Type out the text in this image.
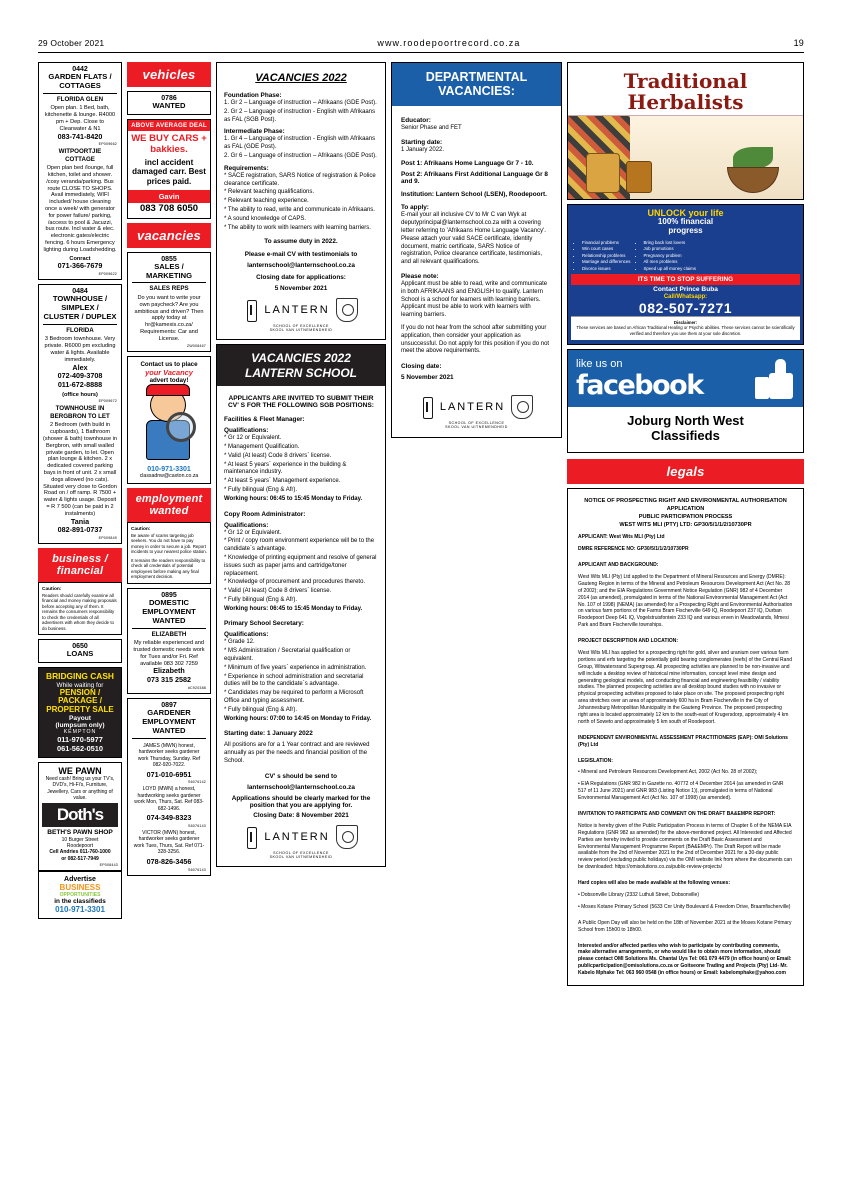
29 October 2021	www.roodepoortrecord.co.za	19
0442
GARDEN FLATS / COTTAGES
FLORIDA GLEN
Open plan. 1 Bed, bath, kitchenette & lounge. R4000 pm + Dep. Close to Clearwater & N1
083-741-8420
EP009662
WITPOORTJIE COTTAGE
Open plan bed /lounge, full kitchen, toilet and shower. /cosy veranda/parking. Bus route CLOSE TO SHOPS. Avail immediately, WIFI included/ house cleaning once a week/ with generator for power failure/ parking, /access to pool & Jacuzzi, bus route. Incl water & elec. electronic gates/electric fencing. 6 hours Emergency lighting during Loadshedding.
Conract
071-366-7679
EP009622
0484
TOWNHOUSE / SIMPLEX / CLUSTER / DUPLEX
FLORIDA
3 Bedroom townhouse. Very private. R6000 pm excluding water & lights. Available immediately.
Alex
072-409-3708
011-672-8888
(office hours)
EP009672
TOWNHOUSE IN BERGBRON TO LET
2 Bedroom (with build in cupboards), 1 Bathroom (shower & bath) townhouse in Bergbron, with small walled private garden, to let. Open plan lounge & kitchen. 2 x dedicated covered parking bays in front of unit. 2 x small dogs allowed (no cats). Situated very close to Gordon Road on / off ramp. R 7500 + water & lights usage. Deposit = R 7 500 (can be paid in 2 instalments)
Tania
082-891-0737
EP009849
business / financial
Caution:
Readers should carefully examine all financial and money making proposals before accepting any of them. It remains the consumers responsibility to check the credentials of all advertisers with whom they decide to do business.
0650
LOANS
BRIDGING CASH
While waiting for
PENSION / PACKAGE / PROPERTY SALE
Payout
(lumpsum only)
KEMPTON
011-970-5977
061-562-0510
WE PAWN
Need cash! Bring us your TV's, DVD's, Hi-Fi's, Furniture, Jewellery, Cars or anything of value.
Doth's
BETH'S PAWN SHOP
10 Burger Street
Roodepoort
Cell Andries 011-760-1000
or 082-517-7949
EP008443
Advertise
BUSINESS
OPPORTUNITIES
in the classifieds
010-971-3301
vehicles
0786
WANTED
ABOVE AVERAGE DEAL
WE BUY CARS + bakkies.
incl accident damaged carr. Best prices paid.
Gavin
083 708 6050
vacancies
0855
SALES / MARKETING
SALES REPS
Do you want to write your own paycheck? Are you ambitious and driven? Then apply today at hr@kamexis.co.za/ Requirements: Car and License.
ZW008467
Contact us to place
your Vacancy
advert today!
010-971-3301
classadnw@caxton.co.za
employment wanted
Caution:
Be aware of scams targeting job seekers. You do not have to pay money in order to secure a job. Report incidents to your nearest police station.
It remains the readers responsibility to check all credentials of potential employees before making any final employment decision.
0895
DOMESTIC EMPLOYMENT WANTED
ELIZABETH
My reliable experienced and trusted domestic needs work for Tues and/or Fri. Ref available 083 302 7259
Elizabeth
073 315 2582
#C920388
0897
GARDENER EMPLOYMENT WANTED
JAMES (MWN) honest, hardworker seeks gardener work Thursday, Sunday. Ref 082-920-7022.
071-010-6951
S6076142
LOYD (MWN) a honest, hardworking seeks gardener work Mon, Thurs, Sat. Ref 083-682-1496.
074-349-8323
S6076143
VICTOR (MWN) honest, hardworker seeks gardener work Tues, Thurs, Sat. Ref 071-328-3256.
078-826-3456
S6076143
VACANCIES 2022
Foundation Phase:
1. Gr 2 – Language of instruction – Afrikaans (GDE Post).
2. Gr 2 – Language of instruction - English with Afrikaans as FAL (SGB Post).
Intermediate Phase:
1. Gr 4 – Language of instruction - English with Afrikaans as FAL (GDE Post).
2. Gr 6 – Language of instruction – Afrikaans (GDE Post).
Requirements:
* SACE registration, SARS Notice of registration & Police clearance certificate.
* Relevant teaching qualifications.
* Relevant teaching experience.
* The ability to read, write and communicate in Afrikaans.
* A sound knowledge of CAPS.
* The ability to work with learners with learning barriers.
To assume duty in 2022.
Please e-mail CV with testimonials to
lanternschool@lanternschool.co.za
Closing date for applications:
5 November 2021
LANTERN
SCHOOL OF EXCELLENCE
SKOOL VAN UITNEMENDHEID
VACANCIES 2022
LANTERN SCHOOL
APPLICANTS ARE INVITED TO SUBMIT THEIR CV' S FOR THE FOLLOWING SGB POSITIONS:
Facilities & Fleet Manager:
Qualifications:
* Gr 12 or Equivalent.
* Management Qualification.
* Valid (At least) Code 8 drivers` license.
* At least 5 years` experience in the building & maintenance industry.
* At least 5 years` Management experience.
* Fully bilingual (Eng & Afr).
Working hours: 06:45 to 15:45 Monday to Friday.
Copy Room Administrator:
Qualifications:
* Gr 12 or Equivalent.
* Print / copy room environment experience will be to the candidate`s advantage.
* Knowledge of printing equipment and resolve of general issues such as paper jams and cartridge/toner replacement.
* Knowledge of procurement and procedures thereto.
* Valid (At least) Code 8 drivers` license.
* Fully bilingual (Eng & Afr).
Working hours: 06:45 to 15:45 Monday to Friday.
Primary School Secretary:
Qualifications:
* Grade 12.
* MS Administration / Secretarial qualification or equivalent.
* Minimum of five years` experience in administration.
* Experience in school administration and secretarial duties will be to the candidate`s advantage.
* Candidates may be required to perform a Microsoft Office and typing assessment.
* Fully bilingual (Eng & Afr).
Working hours: 07:00 to 14:45 on Monday to Friday.
Starting date: 1 January 2022
All positions are for a 1 Year contract and are reviewed annually as per the needs and financial position of the School.
CV' s should be send to
lanternschool@lanternschool.co.za
Applications should be clearly marked for the position that you are applying for.
Closing Date: 8 November 2021
LANTERN
SCHOOL OF EXCELLENCE
SKOOL VAN UITNEMENDHEID
DEPARTMENTAL
VACANCIES:
Educator:
Senior Phase and FET
Starting date:
1 January 2022.
Post 1: Afrikaans Home Language Gr 7 - 10.
Post 2: Afrikaans First Additional Language Gr 8 and 9.
Institution: Lantern School (LSEN), Roodepoort.
To apply:
E-mail your all inclusive CV to Mr C van Wyk at deputyprincipal@lanternschool.co.za with a covering letter referring to 'Afrikaans Home Language Vacancy'. Please attach your valid SACE certificate, identity document, matric certificate, SARS Notice of registration, Police clearance certificate, testimonials, and all relevant qualifications.
Please note:
Applicant must be able to read, write and communicate in both AFRIKAANS and ENGLISH to qualify. Lantern School is a school for learners with learning barriers. Applicant must be able to work with learners with learning barriers.
If you do not hear from the school after submitting your application, then consider your application as unsuccessful. Do not apply for this position if you do not meet the above requirements.
Closing date:
5 November 2021
LANTERN
SCHOOL OF EXCELLENCE
SKOOL VAN UITNEMENDHEID
Traditional
Herbalists
UNLOCK your life
100% financial
progress
• Financial problems
• Win court cases
• Relationship problems
• Marriage and differences
• Divorce issues
• Bring back lost lovers
• Job promotions
• Pregnancy problem
• All men problems
• Speed up all money claims
ITS TIME TO STOP SUFFERING
Contact Prince Buba
Call/Whatsapp:
082-507-7271
Disclaimer:
These services are based on African Traditional Healing or Psychic abilities. These services cannot be scientifically verified and therefore you use them at your sole discretion.
like us on
facebook
Joburg North West
Classifieds
legals
NOTICE OF PROSPECTING RIGHT AND ENVIRONMENTAL AUTHORISATION APPLICATION
PUBLIC PARTICIPATION PROCESS
WEST WITS MLI (PTY) LTD: GP30/5/1/1/2/10730PR

APPLICANT: West Wits MLI (Pty) Ltd

DMRE REFERENCE NO: GP30/5/1/1/2/10730PR

APPLICANT AND BACKGROUND:

West Wits MLI (Pty) Ltd applied to the Department of Mineral Resources and Energy (DMRE): Gauteng Region in terms of the Mineral and Petroleum Resources Development Act (Act No. 28 of 2002); and the EIA Regulations Government Notice Regulation (GNR) 982 of 4 December 2014 (as amended), promulgated in terms of the National Environmental Management Act (Act No. 107 of 1998) (NEMA) (as amended) for a Prospecting Right and Environmental Authorisation on various farm portions of the Farms Bram Fischerville 649 IQ, Roodepoort 237 IQ, Durban Roodepoort Deep 641 IQ, Vogelstruisfontein 233 IQ and various erven in Meadowlands, Mmesi Park and Bram Fischerville townships.

PROJECT DESCRIPTION AND LOCATION:

West Wits MLI has applied for a prospecting right for gold, silver and uranium over various farm portions and erfs targeting the potentially gold bearing conglomerates (reefs) of the Central Rand Group, Witwatersrand Supergroup. All prospecting activities are planned to be non-invasive and will include a desktop review of historical mine information, concept level mine design and generating geological models, and conducting financial and engineering feasibility / viability studies. The planned prospecting activities are all desktop bound studies with no invasive or physical prospecting activities proposed to take place on site. The proposed prospecting right area stretches over an area of approximately 600 ha in Bram Fischerville in the City of Johannesburg Metropolitan Municipality in the Gauteng Province. The proposed prospecting right area is located approximately 12 km to the south-east of Krugersdorp, approximately 4 km north of Soweto and approximately 5 km south of Roodepoort.

INDEPENDENT ENVIRONMENTAL ASSESSMENT PRACTITIONERS (EAP): OMI Solutions (Pty) Ltd

LEGISLATION:

• Mineral and Petroleum Resources Development Act, 2002 (Act No. 28 of 2002);

• EIA Regulations (GNR 982 in Gazette no. 40772 of 4 December 2014 (as amended in GNR 517 of 11 June 2021) and GNR 983 (Listing Notice 1)), promulgated in terms of National Environmental Management Act (Act No. 107 of 1998) (as amended).

INVITATION TO PARTICIPATE AND COMMENT ON THE DRAFT BA&EMPR REPORT:

Notice is hereby given of the Public Participation Process in terms of Chapter 6 of the NEMA EIA Regulations (GNR 982 as amended) for the above-mentioned project. All Interested and Affected Parties are hereby invited to provide comments on the Draft Basic Assessment and Environmental Management Programme Report (BA&EMPr). The Draft Report will be made available from the 2nd of November 2021 to the 2nd of December 2021 for a 30-day public review period (excluding public holidays) via the OMI website link from where the documents can be downloaded: https://omisolutions.co.za/public-review-projects/

Hard copies will also be made available at the following venues:

• Dobsonville Library (2332 Luthuli Street, Dobsonville)

• Moses Kotane Primary School (5633 Cnr Unity Boulevard & Freedom Drive, Braamfischerville)

A Public Open Day will also be held on the 18th of November 2021 at the Moses Kotane Primary School from 15h00 to 18h00.

Interested and/or affected parties who wish to participate by contributing comments, make alternative arrangements, or who would like to obtain more information, should please contact OMI Solutions Ms. Chantal Uys Tel: 061 079 4479 (in office hours) or Email: publicparticipation@omisolutions.co.za or Goitseone Trading and Projects (Pty) Ltd- Mr. Kabelo Mphake Tel: 063 960 0548 (in office hours) or Email: kabelomphake@yahoo.com
